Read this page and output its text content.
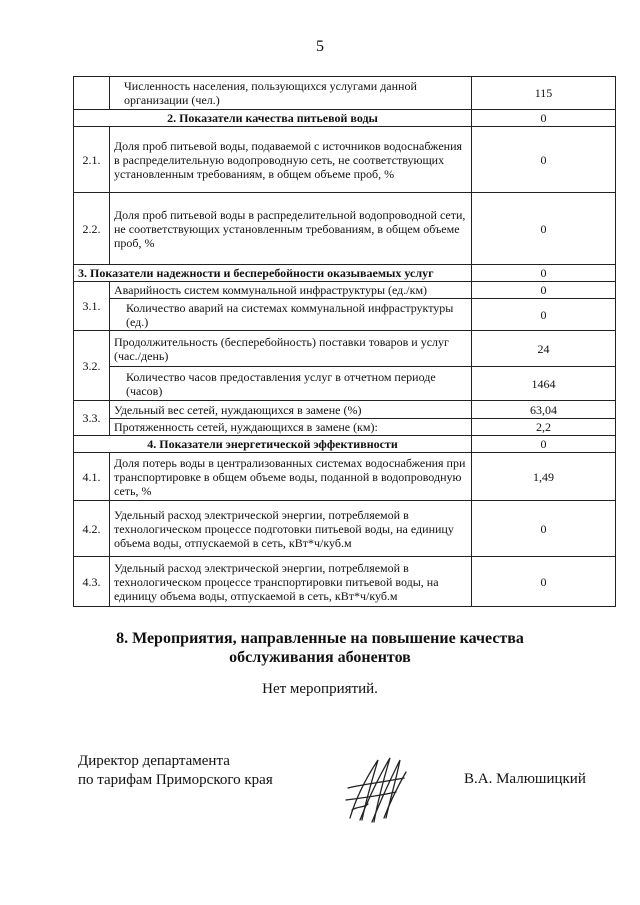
5
	Численность населения, пользующихся услугами данной организации (чел.)	115
2. Показатели качества питьевой воды		0
2.1.	Доля проб питьевой воды, подаваемой с источников водоснабжения в распределительную водопроводную сеть, не соответствующих установленным требованиям, в общем объеме проб, %	0
2.2.	Доля проб питьевой воды в распределительной водопроводной сети, не соответствующих установленным требованиям, в общем объеме проб, %	0
3. Показатели надежности и бесперебойности оказываемых услуг		0
3.1.	Аварийность систем коммунальной инфраструктуры (ед./км)	0
	Количество аварий на системах коммунальной инфраструктуры (ед.)	0
3.2.	Продолжительность (бесперебойность) поставки товаров и услуг (час./день)	24
	Количество часов предоставления услуг в отчетном периоде (часов)	1464
3.3.	Удельный вес сетей, нуждающихся в замене (%)	63,04
	Протяженность сетей, нуждающихся в замене (км):	2,2
4. Показатели энергетической эффективности		0
4.1.	Доля потерь воды в централизованных системах водоснабжения при транспортировке в общем объеме воды, поданной в водопроводную сеть, %	1,49
4.2.	Удельный расход электрической энергии, потребляемой в технологическом процессе подготовки питьевой воды, на единицу объема воды, отпускаемой в сеть, кВт*ч/куб.м	0
4.3.	Удельный расход электрической энергии, потребляемой в технологическом процессе транспортировки питьевой воды, на единицу объема воды, отпускаемой в сеть, кВт*ч/куб.м	0
8. Мероприятия, направленные на повышение качества
обслуживания абонентов
Нет мероприятий.
Директор департамента
по тарифам Приморского края	В.А. Малюшицкий
